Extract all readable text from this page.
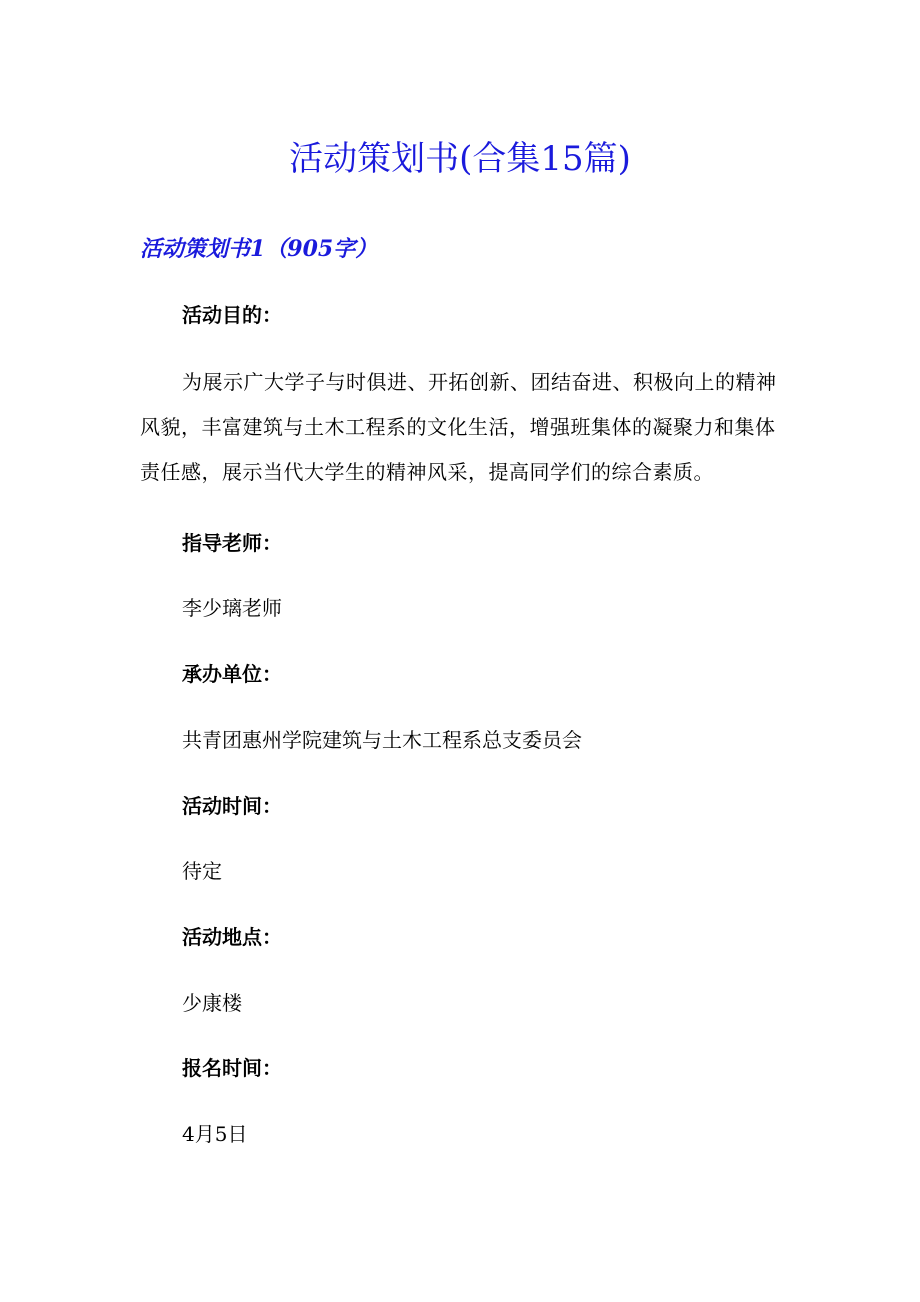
活动策划书(合集15篇)
活动策划书1（905字）
活动目的：
为展示广大学子与时俱进、开拓创新、团结奋进、积极向上的精神风貌，丰富建筑与土木工程系的文化生活，增强班集体的凝聚力和集体责任感，展示当代大学生的精神风采，提高同学们的综合素质。
指导老师：
李少璃老师
承办单位：
共青团惠州学院建筑与土木工程系总支委员会
活动时间：
待定
活动地点：
少康楼
报名时间：
4月5日
